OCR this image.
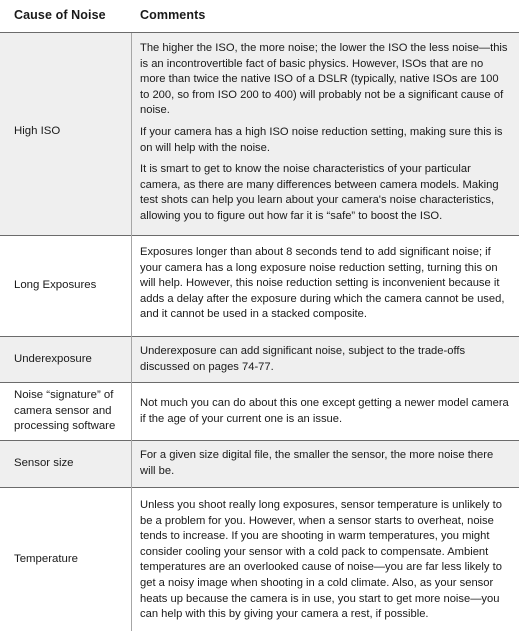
Cause of Noise	Comments
High ISO

The higher the ISO, the more noise; the lower the ISO the less noise—this is an incontrovertible fact of basic physics. However, ISOs that are no more than twice the native ISO of a DSLR (typically, native ISOs are 100 to 200, so from ISO 200 to 400) will probably not be a significant cause of noise.

If your camera has a high ISO noise reduction setting, making sure this is on will help with the noise.

It is smart to get to know the noise characteristics of your particular camera, as there are many differences between camera models. Making test shots can help you learn about your camera's noise characteristics, allowing you to figure out how far it is “safe” to boost the ISO.

Long Exposures

Exposures longer than about 8 seconds tend to add significant noise; if your camera has a long exposure noise reduction setting, turning this on will help. However, this noise reduction setting is inconvenient because it adds a delay after the exposure during which the camera cannot be used, and it cannot be used in a stacked composite.

Underexposure

Underexposure can add significant noise, subject to the trade-offs discussed on pages 74-77.

Noise “signature” of camera sensor and processing software

Not much you can do about this one except getting a newer model camera if the age of your current one is an issue.

Sensor size

For a given size digital file, the smaller the sensor, the more noise there will be.

Temperature

Unless you shoot really long exposures, sensor temperature is unlikely to be a problem for you. However, when a sensor starts to overheat, noise tends to increase. If you are shooting in warm temperatures, you might consider cooling your sensor with a cold pack to compensate. Ambient temperatures are an overlooked cause of noise—you are far less likely to get a noisy image when shooting in a cold climate. Also, as your sensor heats up because the camera is in use, you start to get more noise—you can help with this by giving your camera a rest, if possible.
